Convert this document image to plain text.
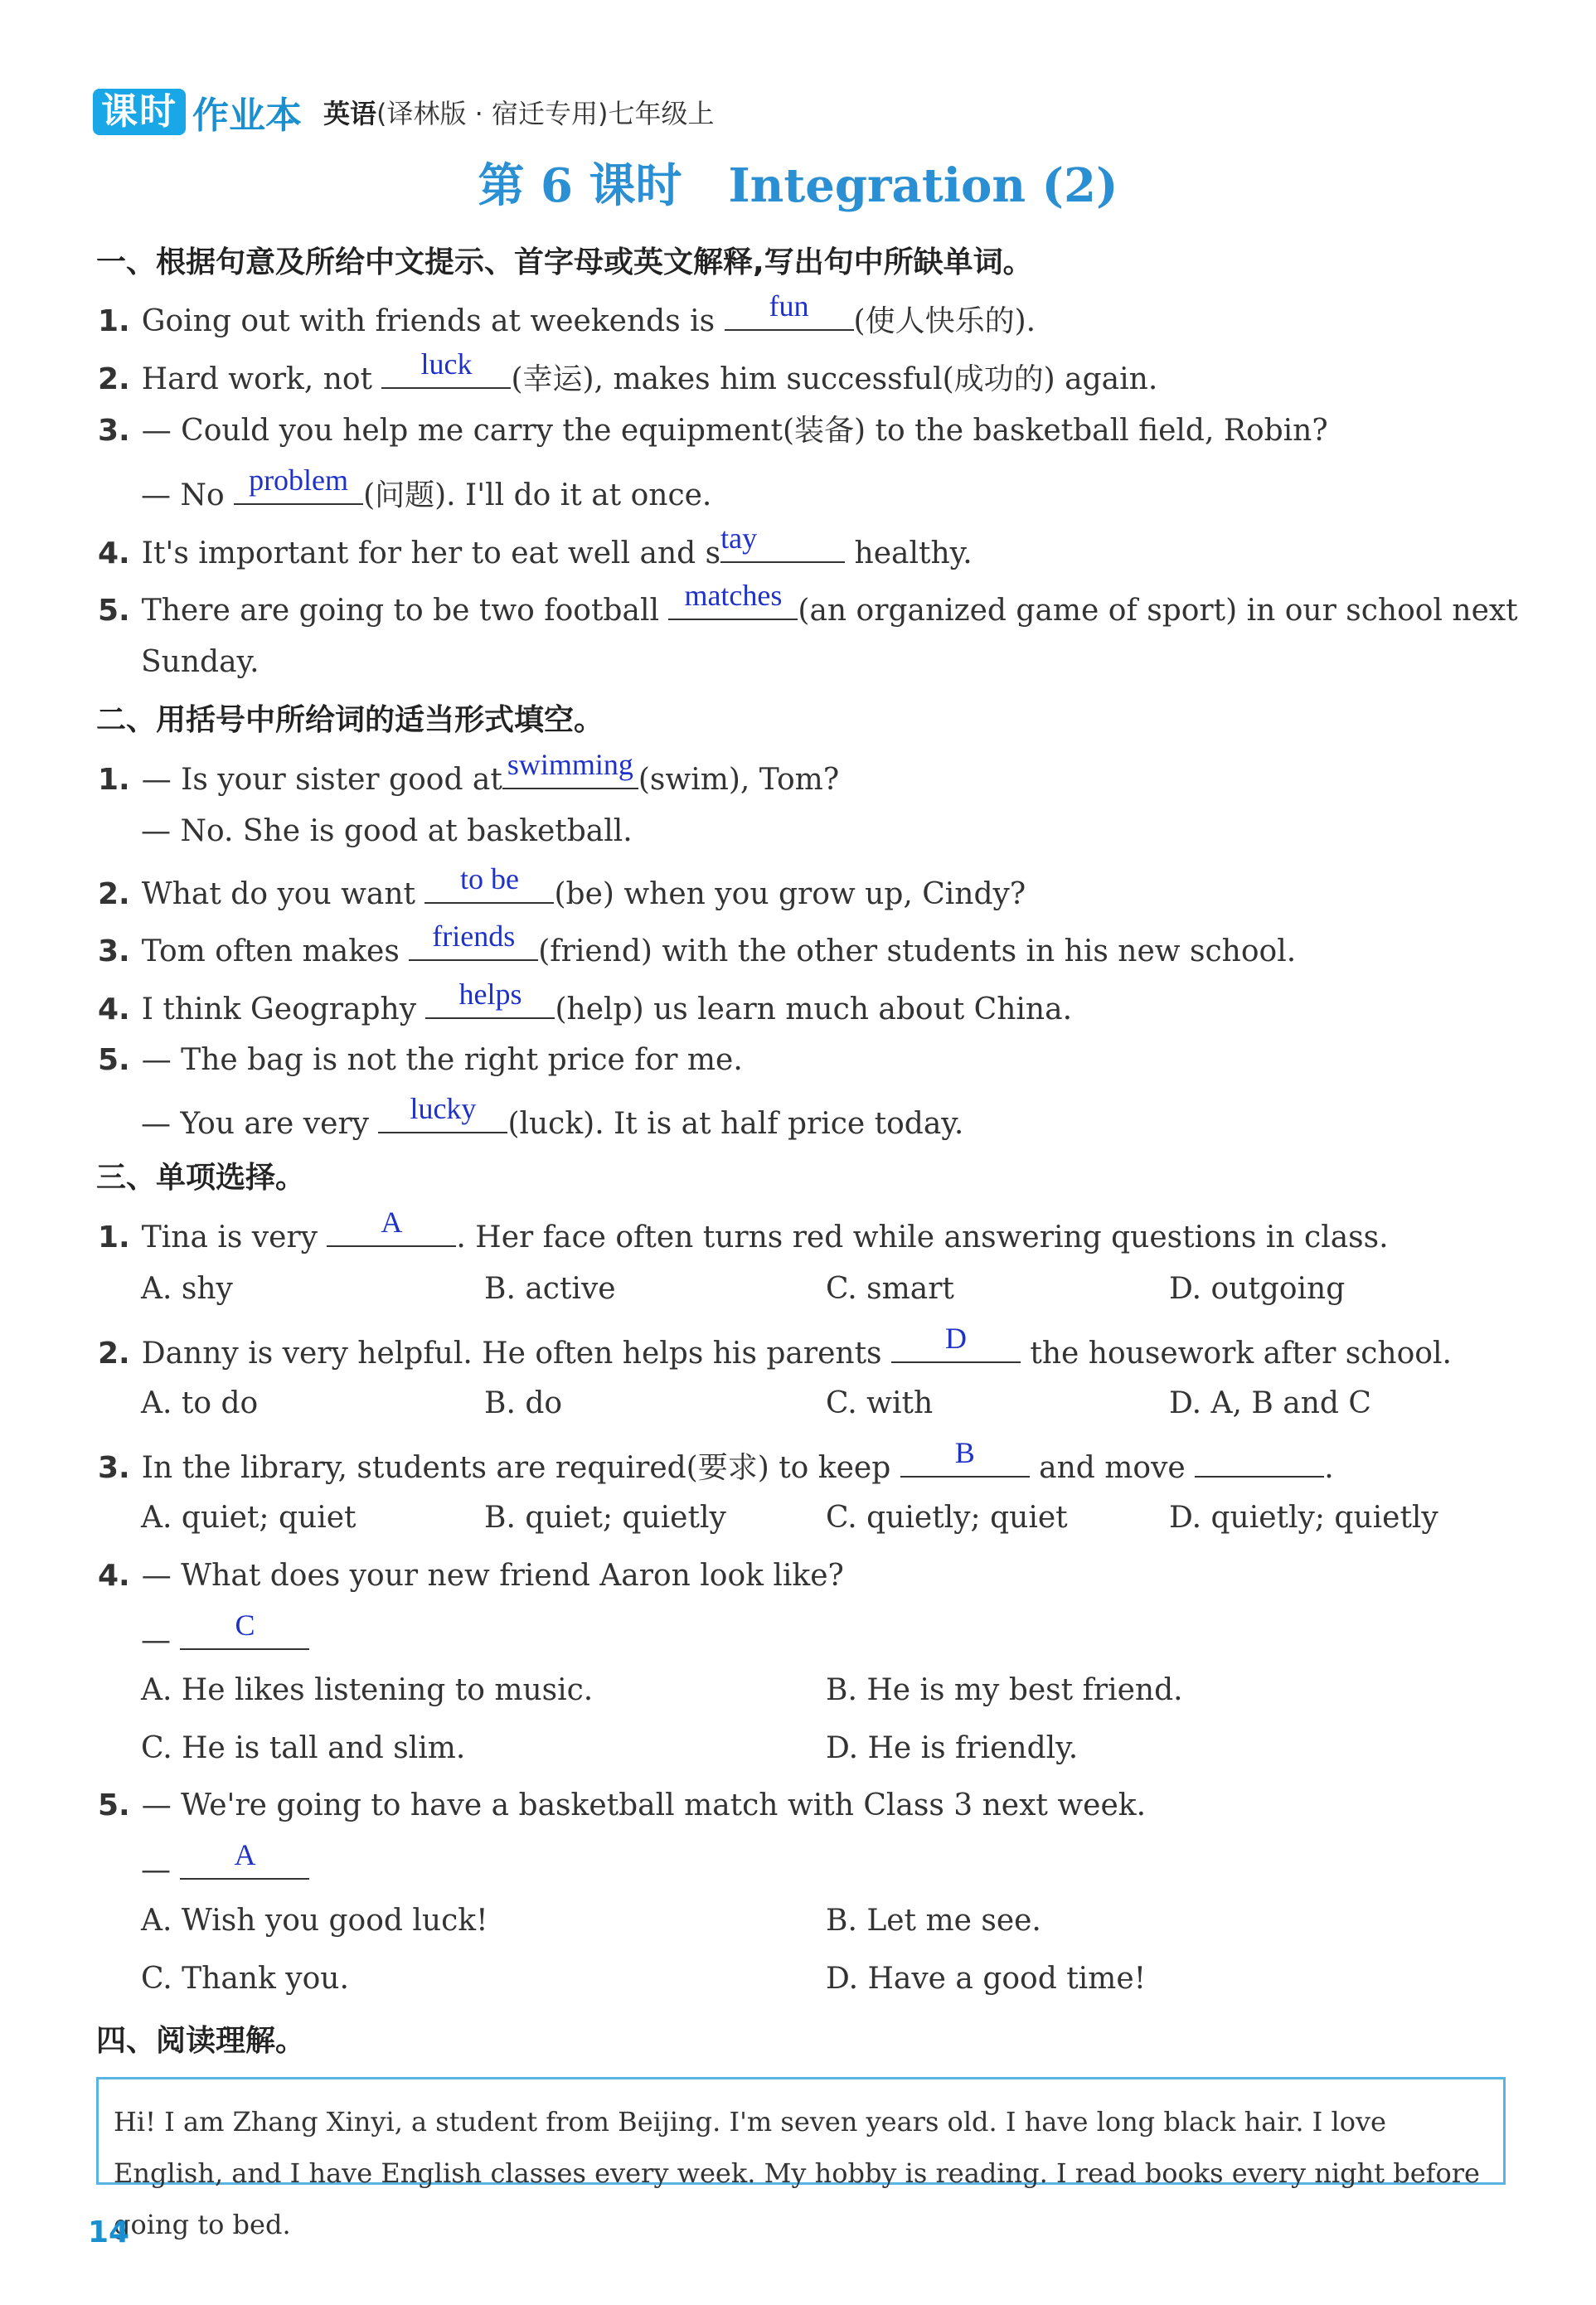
课时 作业本 英语(译林版 · 宿迁专用)七年级上
第 6 课时　Integration (2)
一、根据句意及所给中文提示、首字母或英文解释,写出句中所缺单词。
1. Going out with friends at weekends is	fun	(使人快乐的).
2. Hard work, not	luck	(幸运), makes him successful(成功的) again.
3. — Could you help me carry the equipment(装备) to the basketball field, Robin?
— No problem (问题). I'll do it at once.
4. It's important for her to eat well and s tay	healthy.
5. There are going to be two football matches (an organized game of sport) in our school next
Sunday.
二、用括号中所给词的适当形式填空。
1. — Is your sister good at swimming (swim), Tom?
— No. She is good at basketball.
2. What do you want	to be	(be) when you grow up, Cindy?
3. Tom often makes friends (friend) with the other students in his new school.
4. I think Geography	helps	(help) us learn much about China.
5. — The bag is not the right price for me.
— You are very	lucky	(luck). It is at half price today.
三、单项选择。
1. Tina is very	A	. Her face often turns red while answering questions in class.
A. shy	B. active	C. smart	D. outgoing
2. Danny is very helpful. He often helps his parents	D	the housework after school.
A. to do	B. do	C. with	D. A, B and C
3. In the library, students are required(要求) to keep	B	and move	.
A. quiet; quiet	B. quiet; quietly	C. quietly; quiet	D. quietly; quietly
4. — What does your new friend Aaron look like?
—	C
A. He likes listening to music.	B. He is my best friend.
C. He is tall and slim.	D. He is friendly.
5. — We're going to have a basketball match with Class 3 next week.
—	A
A. Wish you good luck!	B. Let me see.
C. Thank you.	D. Have a good time!
四、阅读理解。
Hi! I am Zhang Xinyi, a student from Beijing. I'm seven years old. I have long black hair. I love English, and I have English classes every week. My hobby is reading. I read books every night before going to bed.
14
